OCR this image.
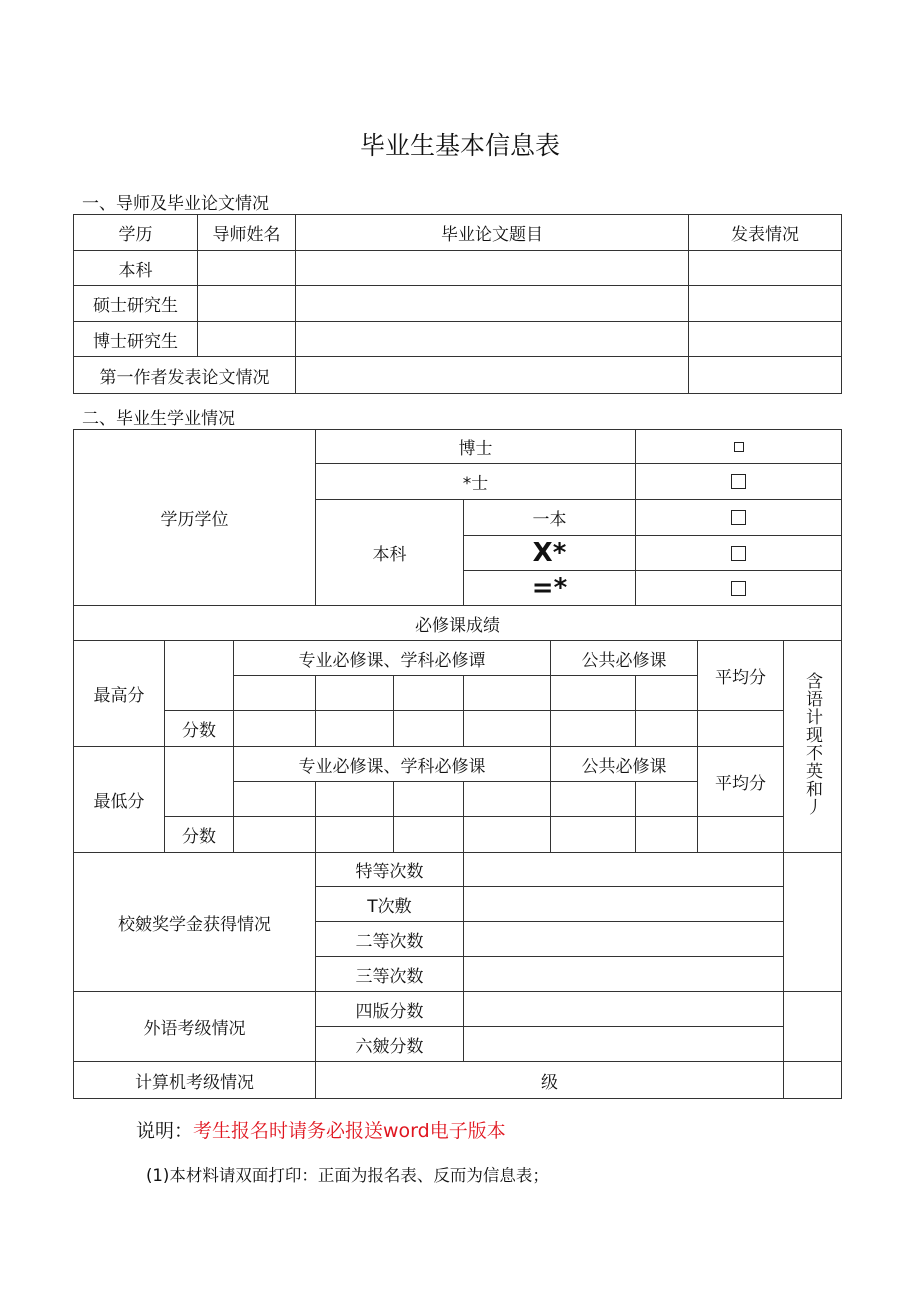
毕业生基本信息表
一、导师及毕业论文情况
学历	导师姓名	毕业论文题目	发表情况
本科			
硕士研究生			
博士研究生			
第一作者发表论文情况			
二、毕业生学业情况
学历学位			博士						
			*士						
			本科		一本				
					X*				
					=*				
必修课成绩									
最高分		专业必修课、学科必修谭				公共必修课		平均分	含语计现不英和丿

	分数								
最低分		专业必修课、学科必修课				公共必修课		平均分	

	分数								
校皴奖学金获得情况			特等次数						
			T次敷						
			二等次数						
			三等次数						
外语考级情况			四版分数						
			六皴分数						
计算机考级情况			级						
说明：考生报名时请务必报送word电子版本
(1)本材料请双面打印：正面为报名表、反而为信息表；
